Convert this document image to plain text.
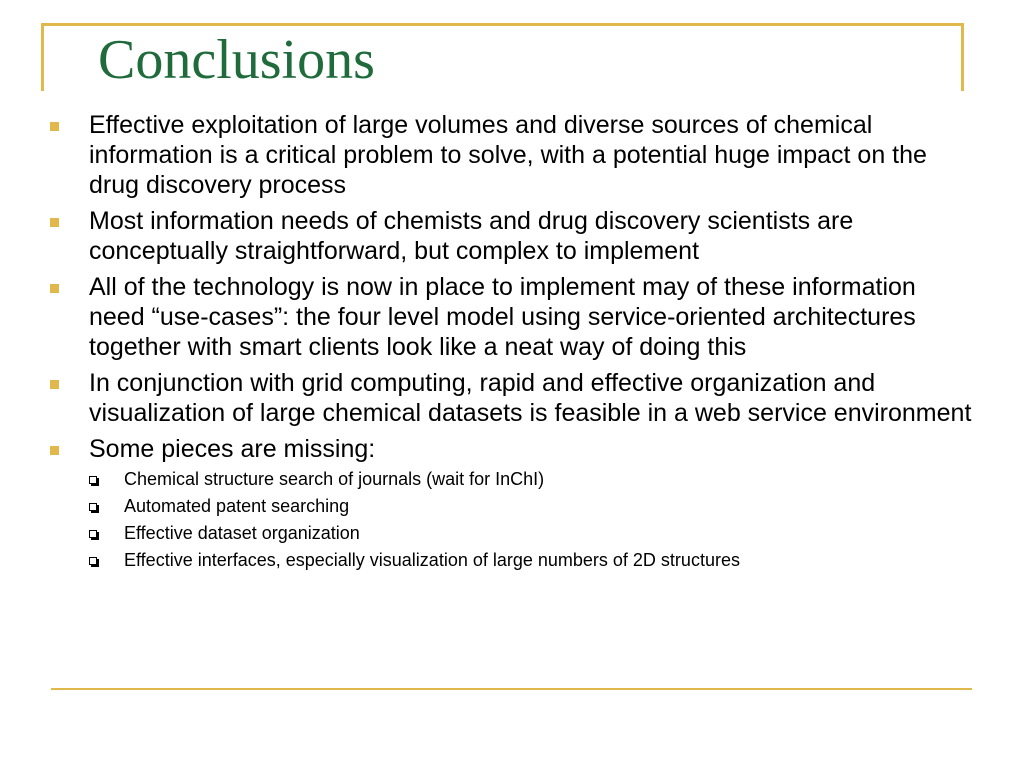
Conclusions
Effective exploitation of large volumes and diverse sources of chemical information is a critical problem to solve, with a potential huge impact on the drug discovery process
Most information needs of chemists and drug discovery scientists are conceptually straightforward, but complex to implement
All of the technology is now in place to implement may of these information need “use-cases”: the four level model using service-oriented architectures together with smart clients look like a neat way of doing this
In conjunction with grid computing, rapid and effective organization and visualization of large chemical datasets is feasible in a web service environment
Some pieces are missing:
Chemical structure search of journals (wait for InChI)
Automated patent searching
Effective dataset organization
Effective interfaces, especially visualization of large numbers of 2D structures
